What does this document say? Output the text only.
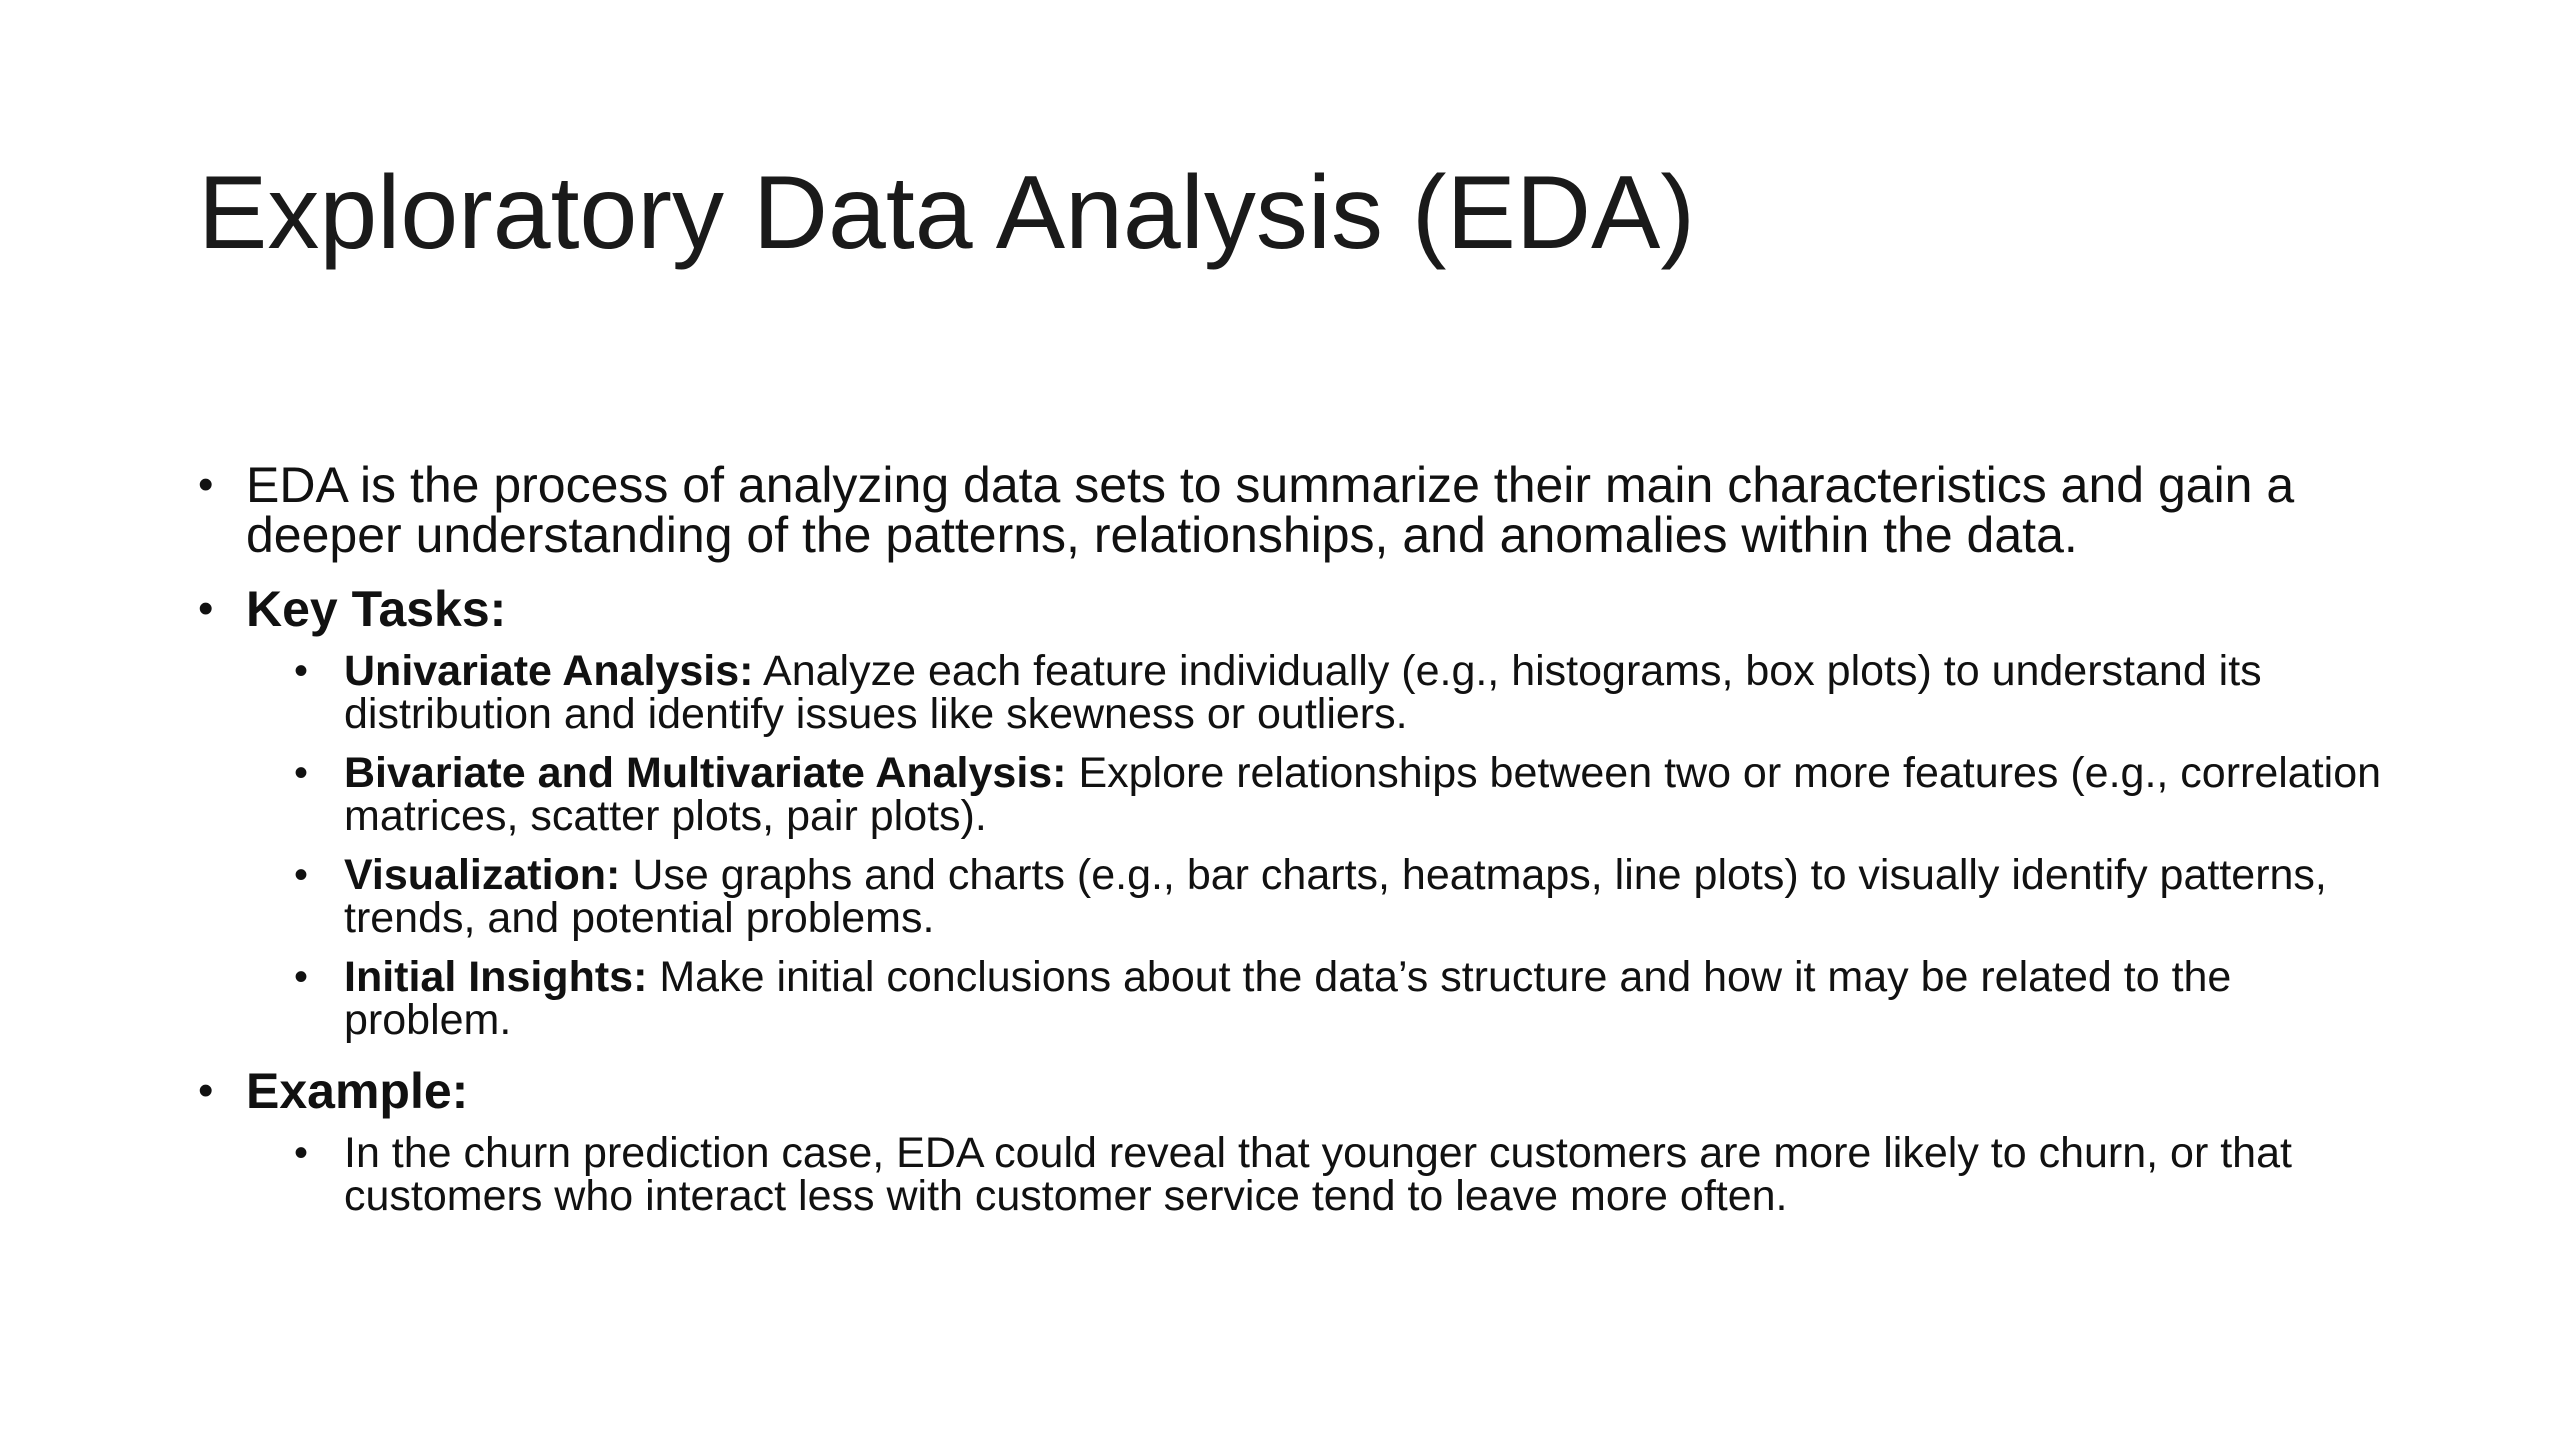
Exploratory Data Analysis (EDA)
• EDA is the process of analyzing data sets to summarize their main characteristics and gain a deeper understanding of the patterns, relationships, and anomalies within the data.
• Key Tasks:
• Univariate Analysis: Analyze each feature individually (e.g., histograms, box plots) to understand its distribution and identify issues like skewness or outliers.
• Bivariate and Multivariate Analysis: Explore relationships between two or more features (e.g., correlation matrices, scatter plots, pair plots).
• Visualization: Use graphs and charts (e.g., bar charts, heatmaps, line plots) to visually identify patterns, trends, and potential problems.
• Initial Insights: Make initial conclusions about the data’s structure and how it may be related to the problem.
• Example:
• In the churn prediction case, EDA could reveal that younger customers are more likely to churn, or that customers who interact less with customer service tend to leave more often.
